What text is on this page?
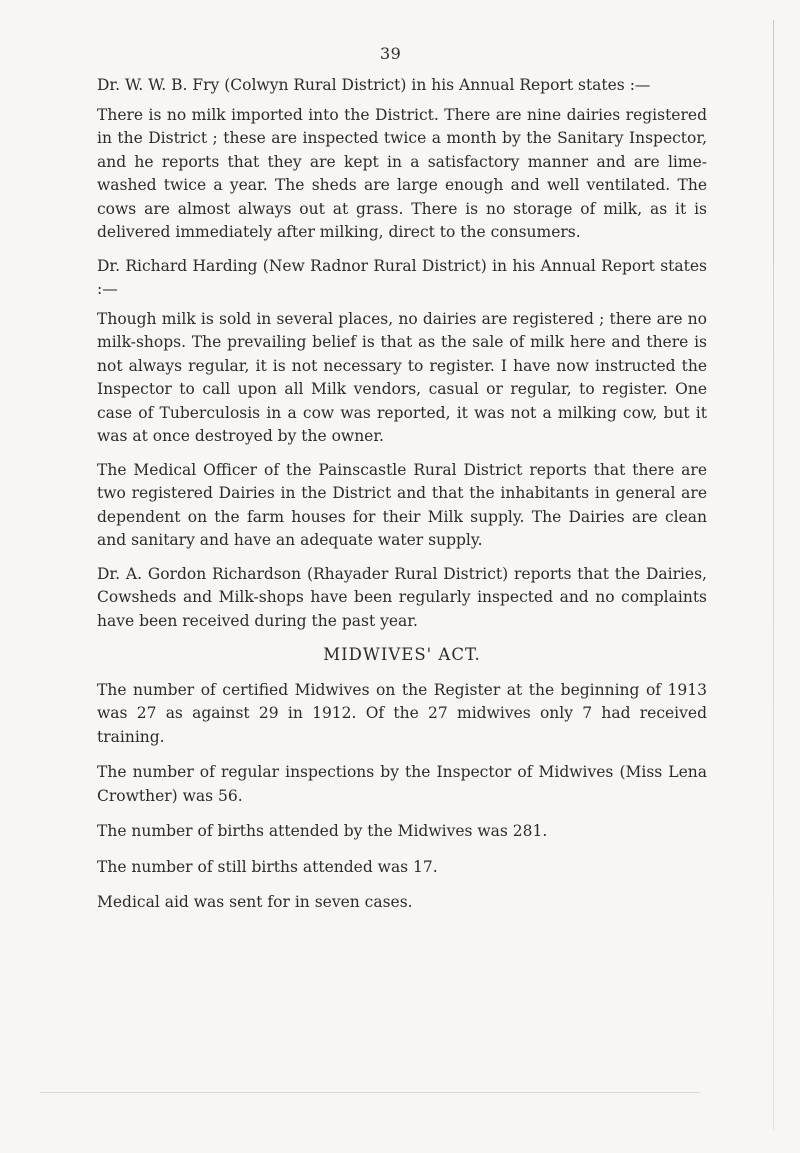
39

Dr. W. W. B. Fry (Colwyn Rural District) in his Annual Report states :—

There is no milk imported into the District. There are nine dairies registered in the District ; these are inspected twice a month by the Sanitary Inspector, and he reports that they are kept in a satisfactory manner and are lime-washed twice a year. The sheds are large enough and well ventilated. The cows are almost always out at grass. There is no storage of milk, as it is delivered immediately after milking, direct to the consumers.

Dr. Richard Harding (New Radnor Rural District) in his Annual Report states :—

Though milk is sold in several places, no dairies are registered ; there are no milk-shops. The prevailing belief is that as the sale of milk here and there is not always regular, it is not necessary to register. I have now instructed the Inspector to call upon all Milk vendors, casual or regular, to register. One case of Tuberculosis in a cow was reported, it was not a milking cow, but it was at once destroyed by the owner.

The Medical Officer of the Painscastle Rural District reports that there are two registered Dairies in the District and that the inhabitants in general are dependent on the farm houses for their Milk supply. The Dairies are clean and sanitary and have an adequate water supply.

Dr. A. Gordon Richardson (Rhayader Rural District) reports that the Dairies, Cowsheds and Milk-shops have been regularly inspected and no complaints have been received during the past year.

MIDWIVES' ACT.

The number of certified Midwives on the Register at the beginning of 1913 was 27 as against 29 in 1912. Of the 27 midwives only 7 had received training.

The number of regular inspections by the Inspector of Midwives (Miss Lena Crowther) was 56.

The number of births attended by the Midwives was 281.

The number of still births attended was 17.

Medical aid was sent for in seven cases.
